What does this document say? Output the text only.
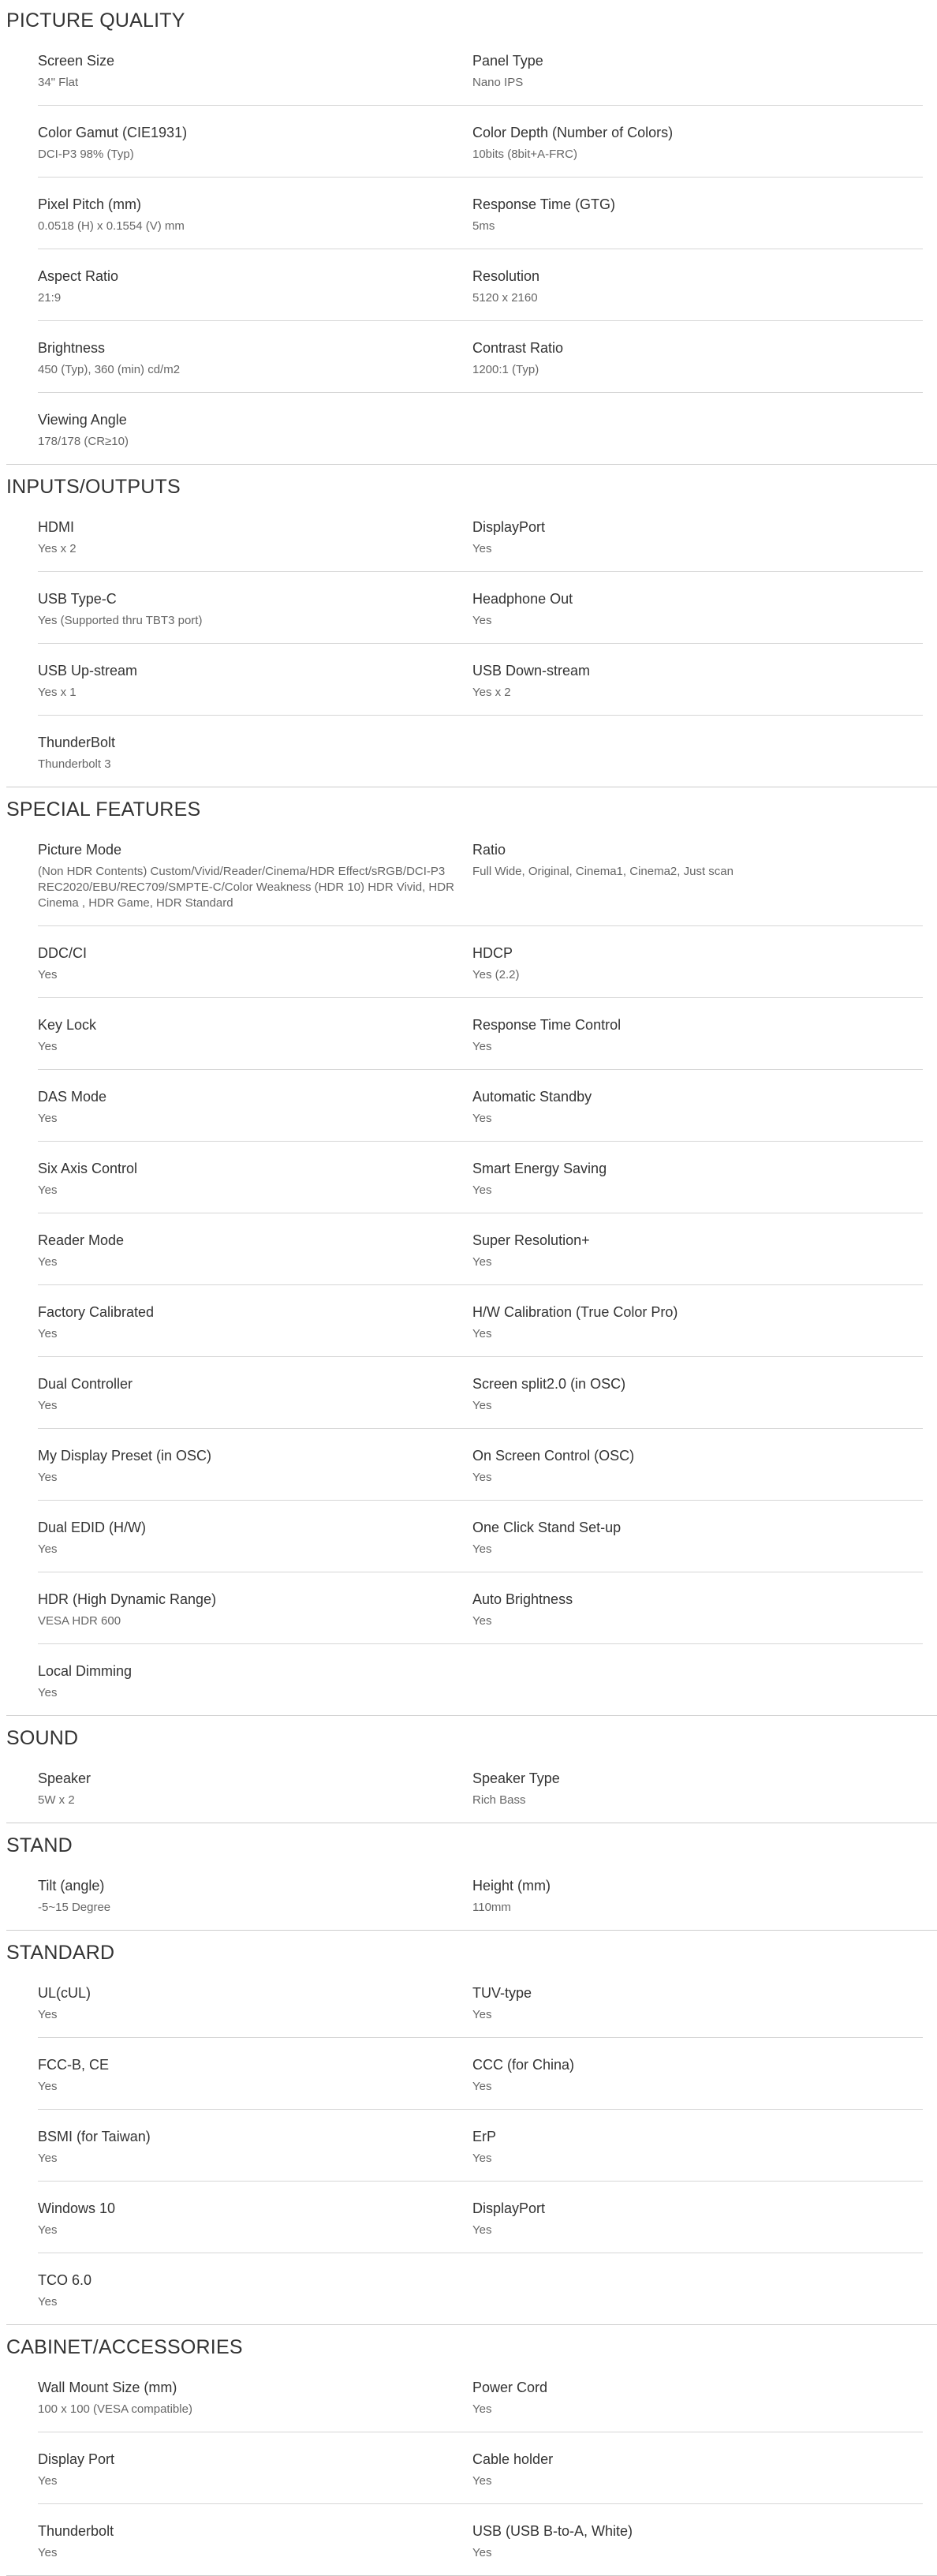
PICTURE QUALITY
Screen Size
34" Flat
Panel Type
Nano IPS
Color Gamut (CIE1931)
DCI-P3 98% (Typ)
Color Depth (Number of Colors)
10bits (8bit+A-FRC)
Pixel Pitch (mm)
0.0518 (H) x 0.1554 (V) mm
Response Time (GTG)
5ms
Aspect Ratio
21:9
Resolution
5120 x 2160
Brightness
450 (Typ), 360 (min) cd/m2
Contrast Ratio
1200:1 (Typ)
Viewing Angle
178/178 (CR≥10)
INPUTS/OUTPUTS
HDMI
Yes x 2
DisplayPort
Yes
USB Type-C
Yes (Supported thru TBT3 port)
Headphone Out
Yes
USB Up-stream
Yes x 1
USB Down-stream
Yes x 2
ThunderBolt
Thunderbolt 3
SPECIAL FEATURES
Picture Mode
(Non HDR Contents) Custom/Vivid/Reader/Cinema/HDR Effect/sRGB/DCI-P3 REC2020/EBU/REC709/SMPTE-C/Color Weakness (HDR 10) HDR Vivid, HDR Cinema , HDR Game, HDR Standard
Ratio
Full Wide, Original, Cinema1, Cinema2, Just scan
DDC/CI
Yes
HDCP
Yes (2.2)
Key Lock
Yes
Response Time Control
Yes
DAS Mode
Yes
Automatic Standby
Yes
Six Axis Control
Yes
Smart Energy Saving
Yes
Reader Mode
Yes
Super Resolution+
Yes
Factory Calibrated
Yes
H/W Calibration (True Color Pro)
Yes
Dual Controller
Yes
Screen split2.0 (in OSC)
Yes
My Display Preset (in OSC)
Yes
On Screen Control (OSC)
Yes
Dual EDID (H/W)
Yes
One Click Stand Set-up
Yes
HDR (High Dynamic Range)
VESA HDR 600
Auto Brightness
Yes
Local Dimming
Yes
SOUND
Speaker
5W x 2
Speaker Type
Rich Bass
STAND
Tilt (angle)
-5~15 Degree
Height (mm)
110mm
STANDARD
UL(cUL)
Yes
TUV-type
Yes
FCC-B, CE
Yes
CCC (for China)
Yes
BSMI (for Taiwan)
Yes
ErP
Yes
Windows 10
Yes
DisplayPort
Yes
TCO 6.0
Yes
CABINET/ACCESSORIES
Wall Mount Size (mm)
100 x 100 (VESA compatible)
Power Cord
Yes
Display Port
Yes
Cable holder
Yes
Thunderbolt
Yes
USB (USB B-to-A, White)
Yes
